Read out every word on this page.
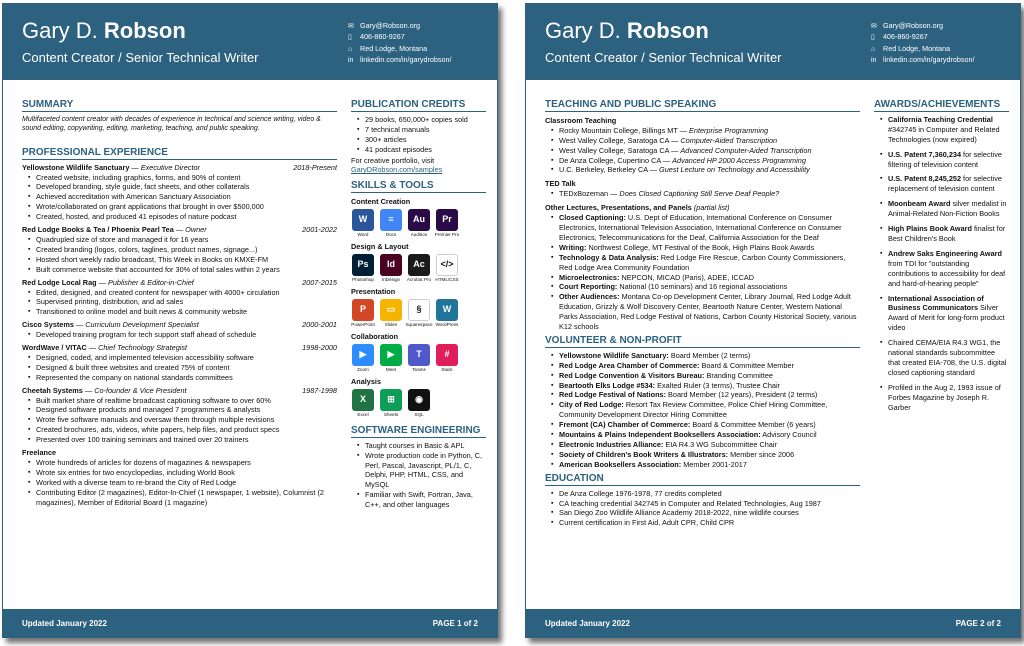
Gary D. Robson
Content Creator / Senior Technical Writer
✉ Gary@Robson.org
▯ 406-860-9267
⌂ Red Lodge, Montana
in linkedin.com/in/garydrobson/
SUMMARY
Multifaceted content creator with decades of experience in technical and science writing, video & sound editing, copywriting, editing, marketing, teaching, and public speaking.
PROFESSIONAL EXPERIENCE
Yellowstone Wildlife Sanctuary — Executive Director	2018-Present
▪ Created website, including graphics, forms, and 90% of content
▪ Developed branding, style guide, fact sheets, and other collaterals
▪ Achieved accreditation with American Sanctuary Association
▪ Wrote/collaborated on grant applications that brought in over $500,000
▪ Created, hosted, and produced 41 episodes of nature podcast
Red Lodge Books & Tea / Phoenix Pearl Tea — Owner	2001-2022
▪ Quadrupled size of store and managed it for 16 years
▪ Created branding (logos, colors, taglines, product names, signage...)
▪ Hosted short weekly radio broadcast, This Week in Books on KMXE-FM
▪ Built commerce website that accounted for 30% of total sales within 2 years
Red Lodge Local Rag — Publisher & Editor-in-Chief	2007-2015
▪ Edited, designed, and created content for newspaper with 4000+ circulation
▪ Supervised printing, distribution, and ad sales
▪ Transitioned to online model and built news & community website
Cisco Systems — Curriculum Development Specialist	2000-2001
▪ Developed training program for tech support staff ahead of schedule
WordWave / VITAC — Chief Technology Strategist	1998-2000
▪ Designed, coded, and implemented television accessibility software
▪ Designed & built three websites and created 75% of content
▪ Represented the company on national standards committees
Cheetah Systems — Co-founder & Vice President	1987-1998
▪ Built market share of realtime broadcast captioning software to over 60%
▪ Designed software products and managed 7 programmers & analysts
▪ Wrote five software manuals and oversaw them through multiple revisions
▪ Created brochures, ads, videos, white papers, help files, and product specs
▪ Presented over 100 training seminars and trained over 20 trainers
Freelance
▪ Wrote hundreds of articles for dozens of magazines & newspapers
▪ Wrote six entries for two encyclopedias, including World Book
▪ Worked with a diverse team to re-brand the City of Red Lodge
▪ Contributing Editor (2 magazines), Editor-In-Chief (1 newspaper, 1 website), Columnist (2 magazines), Member of Editorial Board (1 magazine)
PUBLICATION CREDITS
▪ 29 books, 650,000+ copies sold
▪ 7 technical manuals
▪ 300+ articles
▪ 41 podcast episodes
For creative portfolio, visit
GaryDRobson.com/samples
SKILLS & TOOLS
Content Creation
W
Word
≡
Docs
Au
Audition
Pr
Premier Pro
Design & Layout
Ps
Photoshop
Id
InDesign
Ac
Acrobat Pro
</>
HTML/CSS
Presentation
P
PowerPoint
▭
Slides
§
Squarespace
W
WordPress
Collaboration
▶
Zoom
▶
Meet
T
Teams
#
Slack
Analysis
X
Excel
⊞
Sheets
◉
SQL
SOFTWARE ENGINEERING
▪ Taught courses in Basic & APL
▪ Wrote production code in Python, C, Perl, Pascal, Javascript, PL/1, C, Delphi, PHP, HTML, CSS, and MySQL
▪ Familiar with Swift, Fortran, Java, C++, and other languages
Updated January 2022	PAGE 1 of 2
Gary D. Robson
Content Creator / Senior Technical Writer
✉ Gary@Robson.org
▯ 406-860-9267
⌂ Red Lodge, Montana
in linkedin.com/in/garydrobson/
TEACHING AND PUBLIC SPEAKING
Classroom Teaching
▪ Rocky Mountain College, Billings MT — Enterprise Programming
▪ West Valley College, Saratoga CA — Computer-Aided Transcription
▪ West Valley College, Saratoga CA — Advanced Computer-Aided Transcription
▪ De Anza College, Cupertino CA — Advanced HP 2000 Access Programming
▪ U.C. Berkeley, Berkeley CA — Guest Lecture on Technology and Accessibility
TED Talk
▪ TEDxBozeman — Does Closed Captioning Still Serve Deaf People?
Other Lectures, Presentations, and Panels (partial list)
▪ Closed Captioning: U.S. Dept of Education, International Conference on Consumer Electronics, International Television Association, International Conference on Consumer Electronics, Telecommunications for the Deaf, California Association for the Deaf
▪ Writing: Northwest College, MT Festival of the Book, High Plains Book Awards
▪ Technology & Data Analysis: Red Lodge Fire Rescue, Carbon County Commissioners, Red Lodge Area Community Foundation
▪ Microelectronics: NEPCON, MICAD (Paris), ADEE, ICCAD
▪ Court Reporting: National (10 seminars) and 16 regional associations
▪ Other Audiences: Montana Co-op Development Center, Library Journal, Red Lodge Adult Education, Grizzly & Wolf Discovery Center, Beartooth Nature Center, Western National Parks Association, Red Lodge Festival of Nations, Carbon County Historical Society, various K12 schools
VOLUNTEER & NON-PROFIT
▪ Yellowstone Wildlife Sanctuary: Board Member (2 terms)
▪ Red Lodge Area Chamber of Commerce: Board & Committee Member
▪ Red Lodge Convention & Visitors Bureau: Branding Committee
▪ Beartooth Elks Lodge #534: Exalted Ruler (3 terms), Trustee Chair
▪ Red Lodge Festival of Nations: Board Member (12 years), President (2 terms)
▪ City of Red Lodge: Resort Tax Review Committee, Police Chief Hiring Committee, Community Development Director Hiring Committee
▪ Fremont (CA) Chamber of Commerce: Board & Committee Member (6 years)
▪ Mountains & Plains Independent Booksellers Association: Advisory Council
▪ Electronic Industries Alliance: EIA R4.3 WG Subcommittee Chair
▪ Society of Children's Book Writers & Illustrators: Member since 2006
▪ American Booksellers Association: Member 2001-2017
EDUCATION
▪ De Anza College 1976-1978, 77 credits completed
▪ CA teaching credential 342745 in Computer and Related Technologies, Aug 1987
▪ San Diego Zoo Wildlife Alliance Academy 2018-2022, nine wildlife courses
▪ Current certification in First Aid, Adult CPR, Child CPR
AWARDS/ACHIEVEMENTS
▪ California Teaching Credential #342745 in Computer and Related Technologies (now expired)
▪ U.S. Patent 7,360,234 for selective filtering of television content
▪ U.S. Patent 8,245,252 for selective replacement of television content
▪ Moonbeam Award silver medalist in Animal-Related Non-Fiction Books
▪ High Plains Book Award finalist for Best Children's Book
▪ Andrew Saks Engineering Award from TDI for "outstanding contributions to accessibility for deaf and hard-of-hearing people"
▪ International Association of Business Communicators Silver Award of Merit for long-form product video
▪ Chaired CEMA/EIA R4.3 WG1, the national standards subcommittee that created EIA-708, the U.S. digital closed captioning standard
▪ Profiled in the Aug 2, 1993 issue of Forbes Magazine by Joseph R. Garber
Updated January 2022	PAGE 2 of 2
